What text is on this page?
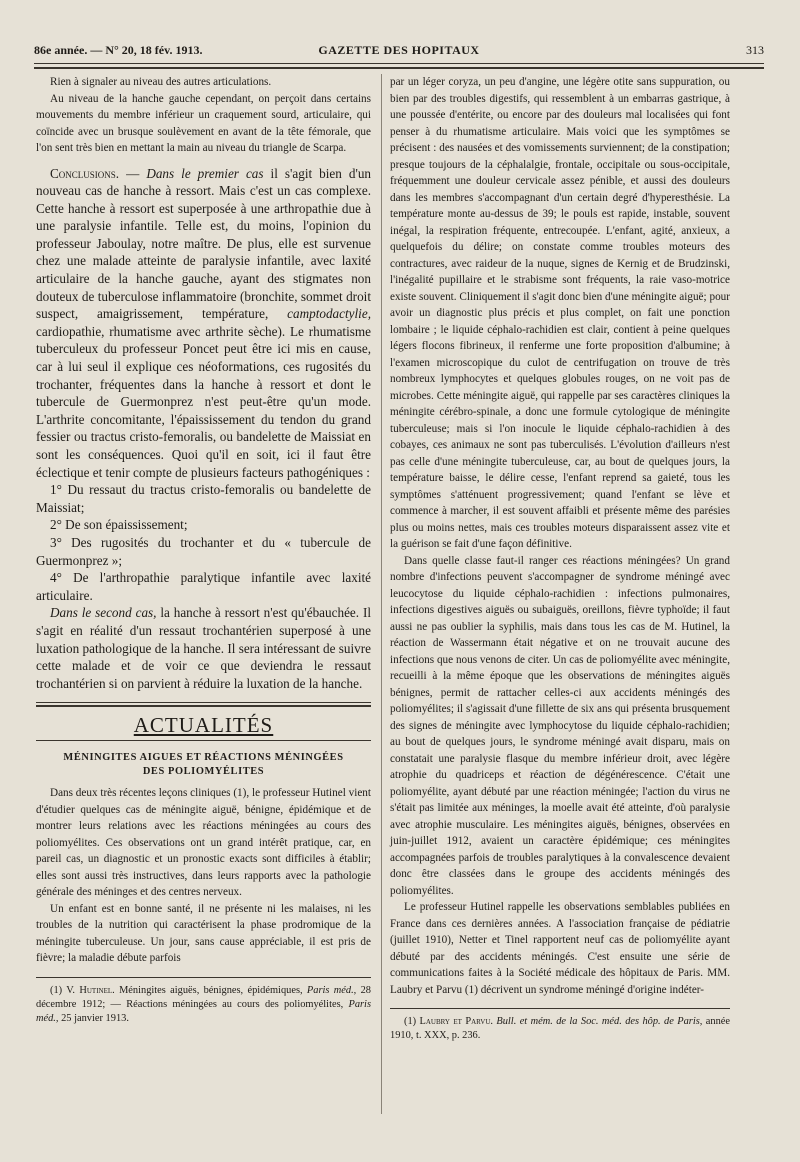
86e année. — N° 20, 18 fév. 1913.	GAZETTE DES HOPITAUX	313

Rien à signaler au niveau des autres articulations.

Au niveau de la hanche gauche cependant, on perçoit dans certains mouvements du membre inférieur un craquement sourd, articulaire, qui coïncide avec un brusque soulèvement en avant de la tête fémorale, que l'on sent très bien en mettant la main au niveau du triangle de Scarpa.

Conclusions. — Dans le premier cas il s'agit bien d'un nouveau cas de hanche à ressort. Mais c'est un cas complexe. Cette hanche à ressort est superposée à une arthropathie due à une paralysie infantile. Telle est, du moins, l'opinion du professeur Jaboulay, notre maître. De plus, elle est survenue chez une malade atteinte de paralysie infantile, avec laxité articulaire de la hanche gauche, ayant des stigmates non douteux de tuberculose inflammatoire (bronchite, sommet droit suspect, amaigrissement, température, camptodactylie, cardiopathie, rhumatisme avec arthrite sèche). Le rhumatisme tuberculeux du professeur Poncet peut être ici mis en cause, car à lui seul il explique ces néoformations, ces rugosités du trochanter, fréquentes dans la hanche à ressort et dont le tubercule de Guermonprez n'est peut-être qu'un mode. L'arthrite concomitante, l'épaississement du tendon du grand fessier ou tractus cristo-femoralis, ou bandelette de Maissiat en sont les conséquences. Quoi qu'il en soit, ici il faut être éclectique et tenir compte de plusieurs facteurs pathogéniques :

1° Du ressaut du tractus cristo-femoralis ou bandelette de Maissiat;

2° De son épaississement;

3° Des rugosités du trochanter et du « tubercule de Guermonprez »;

4° De l'arthropathie paralytique infantile avec laxité articulaire.

Dans le second cas, la hanche à ressort n'est qu'ébauchée. Il s'agit en réalité d'un ressaut trochantérien superposé à une luxation pathologique de la hanche. Il sera intéressant de suivre cette malade et de voir ce que deviendra le ressaut trochantérien si on parvient à réduire la luxation de la hanche.

ACTUALITÉS
MÉNINGITES AIGUES ET RÉACTIONS MÉNINGÉES
DES POLIOMYÉLITES

Dans deux très récentes leçons cliniques (1), le professeur Hutinel vient d'étudier quelques cas de méningite aiguë, bénigne, épidémique et de montrer leurs relations avec les réactions méningées au cours des poliomyélites. Ces observations ont un grand intérêt pratique, car, en pareil cas, un diagnostic et un pronostic exacts sont difficiles à établir; elles sont aussi très instructives, dans leurs rapports avec la pathologie générale des méninges et des centres nerveux.

Un enfant est en bonne santé, il ne présente ni les malaises, ni les troubles de la nutrition qui caractérisent la phase prodromique de la méningite tuberculeuse. Un jour, sans cause appréciable, il est pris de fièvre; la maladie débute parfois

(1) V. Hutinel. Méningites aiguës, bénignes, épidémiques, Paris méd., 28 décembre 1912; — Réactions méningées au cours des poliomyélites, Paris méd., 25 janvier 1913.

par un léger coryza, un peu d'angine, une légère otite sans suppuration, ou bien par des troubles digestifs, qui ressemblent à un embarras gastrique, à une poussée d'entérite, ou encore par des douleurs mal localisées qui font penser à du rhumatisme articulaire. Mais voici que les symptômes se précisent : des nausées et des vomissements surviennent; de la constipation; presque toujours de la céphalalgie, frontale, occipitale ou sous-occipitale, fréquemment une douleur cervicale assez pénible, et aussi des douleurs dans les membres s'accompagnant d'un certain degré d'hyperesthésie. La température monte au-dessus de 39; le pouls est rapide, instable, souvent inégal, la respiration fréquente, entrecoupée. L'enfant, agité, anxieux, a quelquefois du délire; on constate comme troubles moteurs des contractures, avec raideur de la nuque, signes de Kernig et de Brudzinski, l'inégalité pupillaire et le strabisme sont fréquents, la raie vaso-motrice existe souvent. Cliniquement il s'agit donc bien d'une méningite aiguë; pour avoir un diagnostic plus précis et plus complet, on fait une ponction lombaire ; le liquide céphalo-rachidien est clair, contient à peine quelques légers flocons fibrineux, il renferme une forte proposition d'albumine; à l'examen microscopique du culot de centrifugation on trouve de très nombreux lymphocytes et quelques globules rouges, on ne voit pas de microbes. Cette méningite aiguë, qui rappelle par ses caractères cliniques la méningite cérébro-spinale, a donc une formule cytologique de méningite tuberculeuse; mais si l'on inocule le liquide céphalo-rachidien à des cobayes, ces animaux ne sont pas tuberculisés. L'évolution d'ailleurs n'est pas celle d'une méningite tuberculeuse, car, au bout de quelques jours, la température baisse, le délire cesse, l'enfant reprend sa gaieté, tous les symptômes s'atténuent progressivement; quand l'enfant se lève et commence à marcher, il est souvent affaibli et présente même des parésies plus ou moins nettes, mais ces troubles moteurs disparaissent assez vite et la guérison se fait d'une façon définitive.

Dans quelle classe faut-il ranger ces réactions méningées? Un grand nombre d'infections peuvent s'accompagner de syndrome méningé avec leucocytose du liquide céphalo-rachidien : infections pulmonaires, infections digestives aiguës ou subaiguës, oreillons, fièvre typhoïde; il faut aussi ne pas oublier la syphilis, mais dans tous les cas de M. Hutinel, la réaction de Wassermann était négative et on ne trouvait aucune des infections que nous venons de citer. Un cas de poliomyélite avec méningite, recueilli à la même époque que les observations de méningites aiguës bénignes, permit de rattacher celles-ci aux accidents méningés des poliomyélites; il s'agissait d'une fillette de six ans qui présenta brusquement des signes de méningite avec lymphocytose du liquide céphalo-rachidien; au bout de quelques jours, le syndrome méningé avait disparu, mais on constatait une paralysie flasque du membre inférieur droit, avec légère atrophie du quadriceps et réaction de dégénérescence. C'était une poliomyélite, ayant débuté par une réaction méningée; l'action du virus ne s'était pas limitée aux méninges, la moelle avait été atteinte, d'où paralysie avec atrophie musculaire. Les méningites aiguës, bénignes, observées en juin-juillet 1912, avaient un caractère épidémique; ces méningites accompagnées parfois de troubles paralytiques à la convalescence devaient donc être classées dans le groupe des accidents méningés des poliomyélites.

Le professeur Hutinel rappelle les observations semblables publiées en France dans ces dernières années. A l'association française de pédiatrie (juillet 1910), Netter et Tinel rapportent neuf cas de poliomyélite ayant débuté par des accidents méningés. C'est ensuite une série de communications faites à la Société médicale des hôpitaux de Paris. MM. Laubry et Parvu (1) décrivent un syndrome méningé d'origine indéter-

(1) Laubry et Parvu. Bull. et mém. de la Soc. méd. des hôp. de Paris, année 1910, t. XXX, p. 236.
